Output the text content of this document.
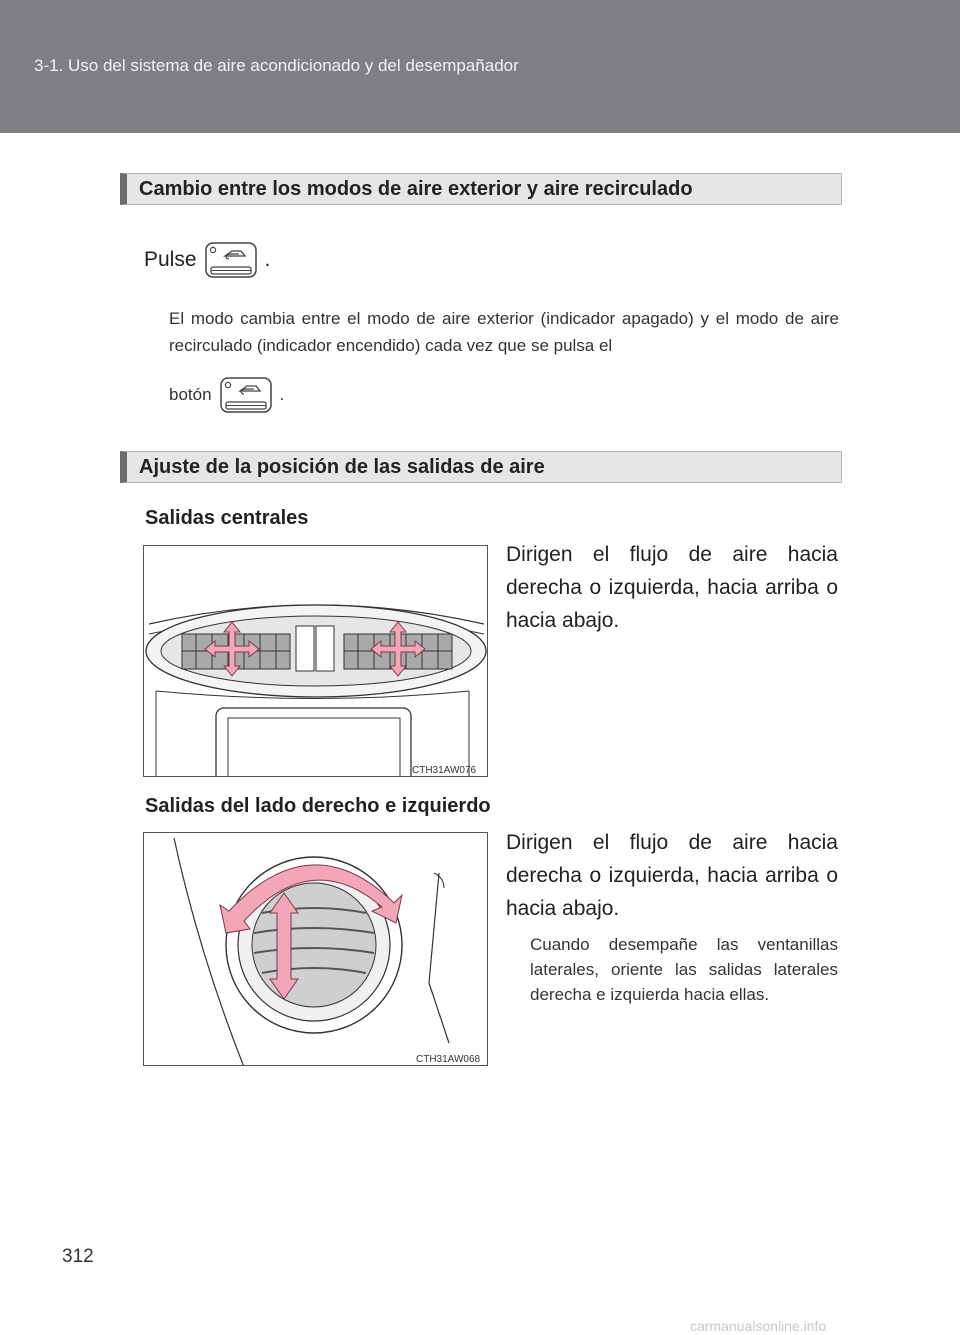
3-1. Uso del sistema de aire acondicionado y del desempañador
Cambio entre los modos de aire exterior y aire recirculado
Pulse	.
El modo cambia entre el modo de aire exterior (indicador apagado) y el modo de aire recirculado (indicador encendido) cada vez que se pulsa el
botón	.
Ajuste de la posición de las salidas de aire
Salidas centrales
CTH31AW076
Dirigen el flujo de aire hacia derecha o izquierda, hacia arriba o hacia abajo.
Salidas del lado derecho e izquierdo
CTH31AW068
Dirigen el flujo de aire hacia derecha o izquierda, hacia arriba o hacia abajo.
Cuando desempañe las ventanillas laterales, oriente las salidas laterales derecha e izquierda hacia ellas.
312
carmanualsonline.info
